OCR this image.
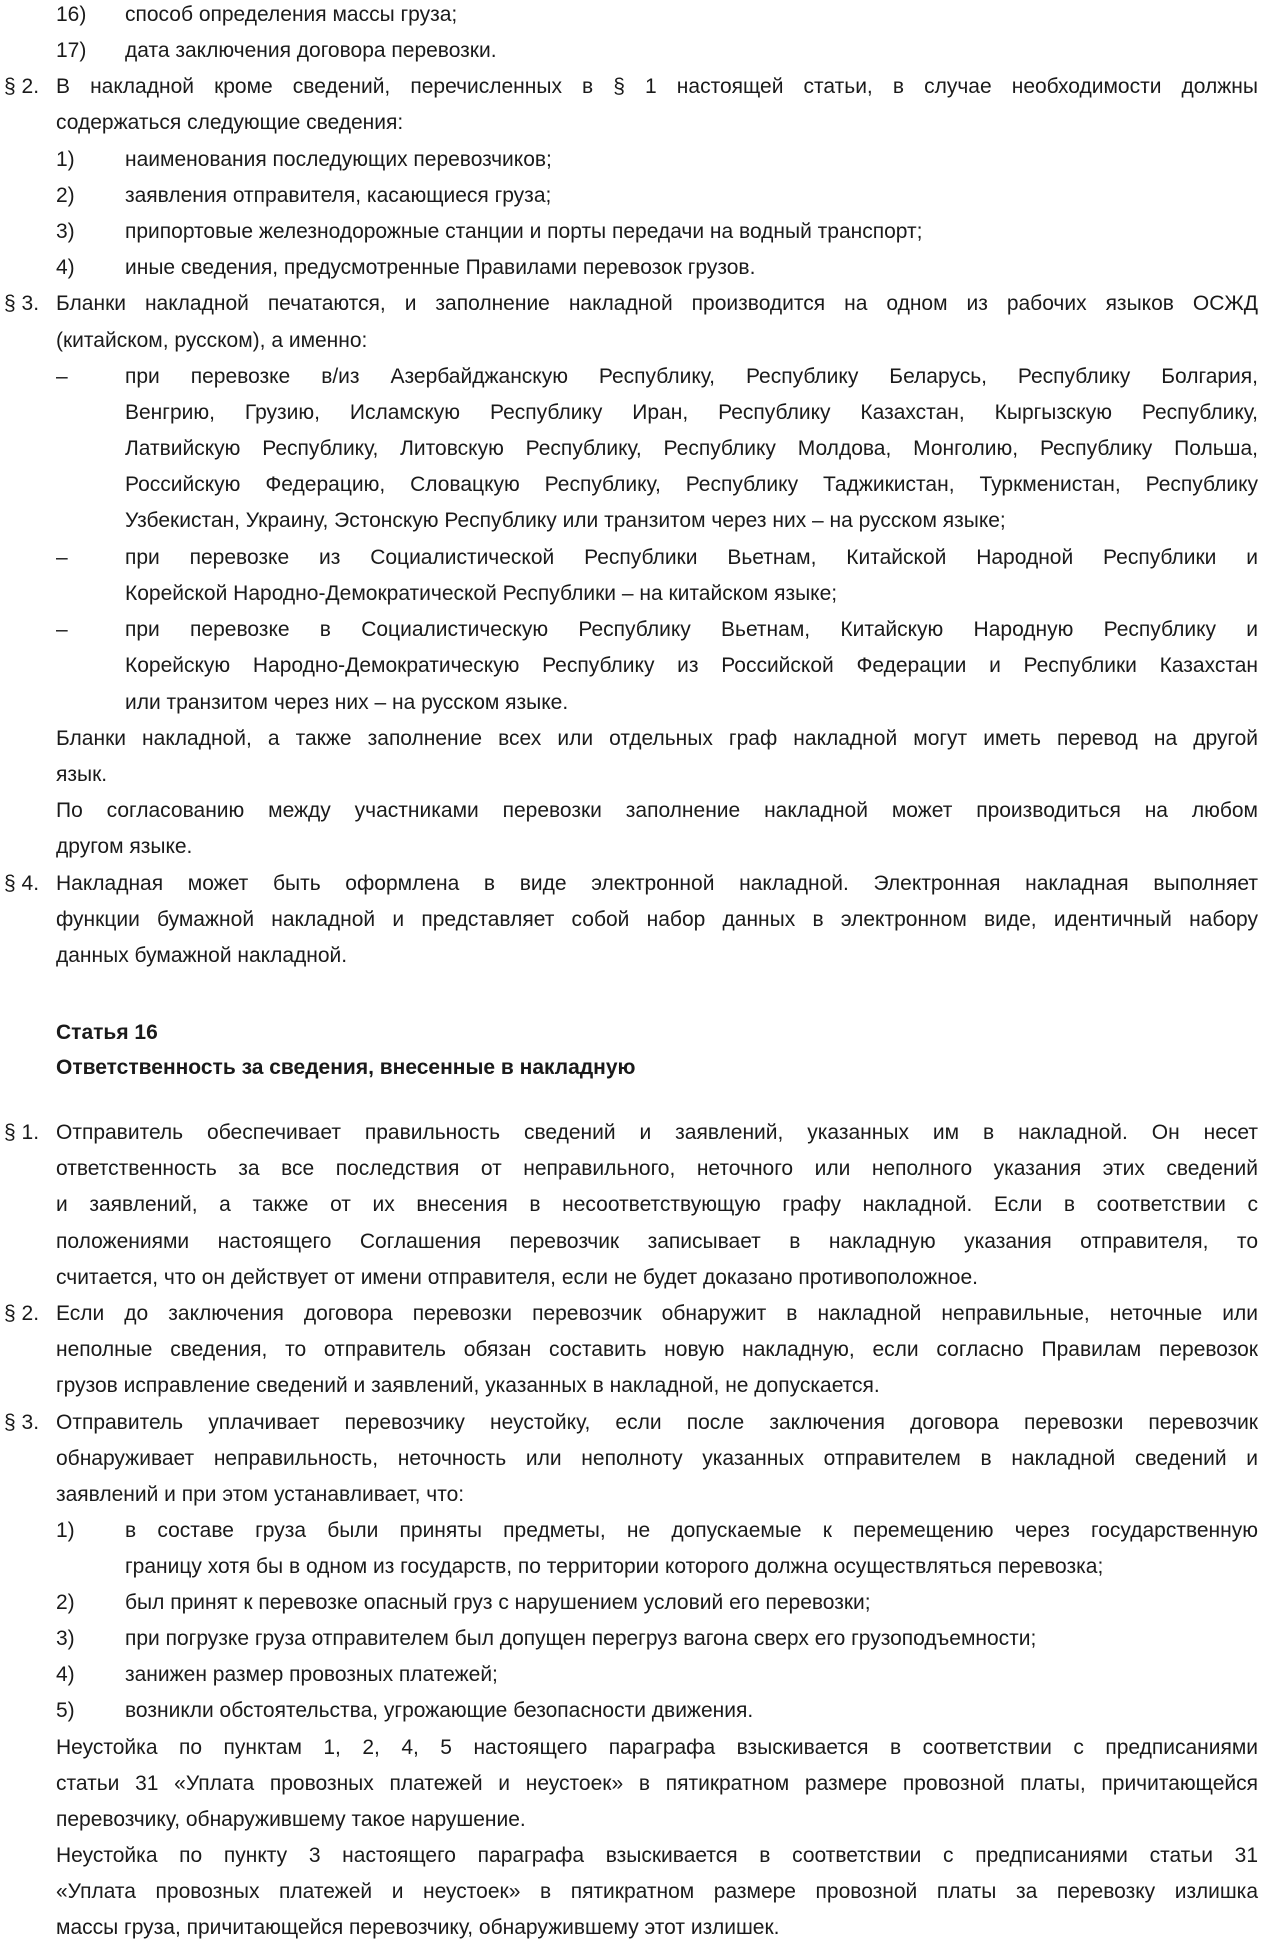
16) способ определения массы груза;
17) дата заключения договора перевозки.
§ 2. В накладной кроме сведений, перечисленных в § 1 настоящей статьи, в случае необходимости должны
содержаться следующие сведения:
1) наименования последующих перевозчиков;
2) заявления отправителя, касающиеся груза;
3) припортовые железнодорожные станции и порты передачи на водный транспорт;
4) иные сведения, предусмотренные Правилами перевозок грузов.
§ 3. Бланки накладной печатаются, и заполнение накладной производится на одном из рабочих языков ОСЖД
(китайском, русском), а именно:
–	при перевозке в/из Азербайджанскую Республику, Республику Беларусь, Республику Болгария,
Венгрию, Грузию, Исламскую Республику Иран, Республику Казахстан, Кыргызскую Республику,
Латвийскую Республику, Литовскую Республику, Республику Молдова, Монголию, Республику Польша,
Российскую Федерацию, Словацкую Республику, Республику Таджикистан, Туркменистан, Республику
Узбекистан, Украину, Эстонскую Республику или транзитом через них – на русском языке;
–	при перевозке из Социалистической Республики Вьетнам, Китайской Народной Республики и
Корейской Народно-Демократической Республики – на китайском языке;
–	при перевозке в Социалистическую Республику Вьетнам, Китайскую Народную Республику и
Корейскую Народно-Демократическую Республику из Российской Федерации и Республики Казахстан
или транзитом через них – на русском языке.
Бланки накладной, а также заполнение всех или отдельных граф накладной могут иметь перевод на другой
язык.
По согласованию между участниками перевозки заполнение накладной может производиться на любом
другом языке.
§ 4. Накладная может быть оформлена в виде электронной накладной. Электронная накладная выполняет
функции бумажной накладной и представляет собой набор данных в электронном виде, идентичный набору
данных бумажной накладной.
Статья 16
Ответственность за сведения, внесенные в накладную
§ 1. Отправитель обеспечивает правильность сведений и заявлений, указанных им в накладной. Он несет
ответственность за все последствия от неправильного, неточного или неполного указания этих сведений
и заявлений, а также от их внесения в несоответствующую графу накладной. Если в соответствии с
положениями настоящего Соглашения перевозчик записывает в накладную указания отправителя, то
считается, что он действует от имени отправителя, если не будет доказано противоположное.
§ 2. Если до заключения договора перевозки перевозчик обнаружит в накладной неправильные, неточные или
неполные сведения, то отправитель обязан составить новую накладную, если согласно Правилам перевозок
грузов исправление сведений и заявлений, указанных в накладной, не допускается.
§ 3. Отправитель уплачивает перевозчику неустойку, если после заключения договора перевозки перевозчик
обнаруживает неправильность, неточность или неполноту указанных отправителем в накладной сведений и
заявлений и при этом устанавливает, что:
1) в составе груза были приняты предметы, не допускаемые к перемещению через государственную
границу хотя бы в одном из государств, по территории которого должна осуществляться перевозка;
2) был принят к перевозке опасный груз с нарушением условий его перевозки;
3) при погрузке груза отправителем был допущен перегруз вагона сверх его грузоподъемности;
4) занижен размер провозных платежей;
5) возникли обстоятельства, угрожающие безопасности движения.
Неустойка по пунктам 1, 2, 4, 5 настоящего параграфа взыскивается в соответствии с предписаниями
статьи 31 «Уплата провозных платежей и неустоек» в пятикратном размере провозной платы, причитающейся
перевозчику, обнаружившему такое нарушение.
Неустойка по пункту 3 настоящего параграфа взыскивается в соответствии с предписаниями статьи 31
«Уплата провозных платежей и неустоек» в пятикратном размере провозной платы за перевозку излишка
массы груза, причитающейся перевозчику, обнаружившему этот излишек.
